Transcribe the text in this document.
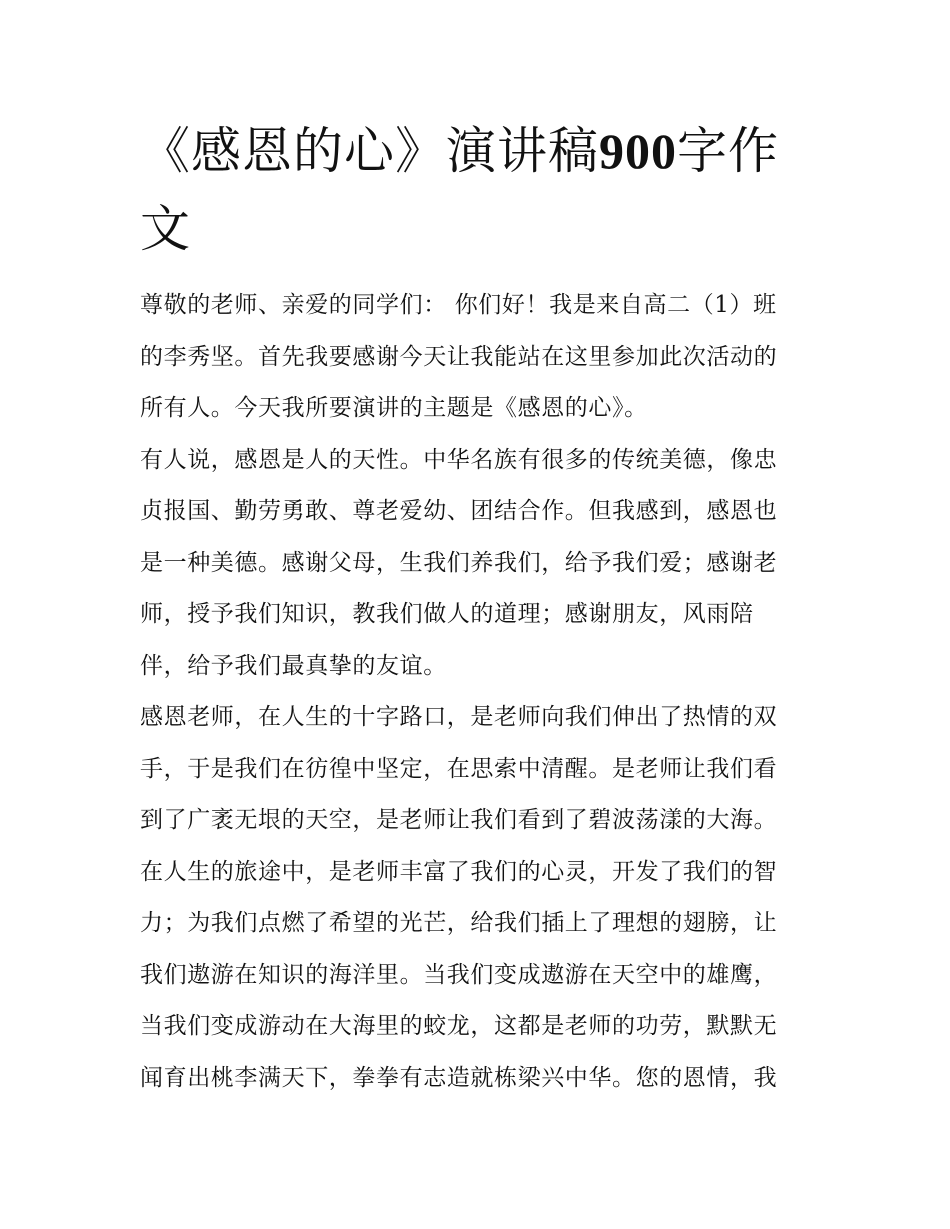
《感恩的心》演讲稿900字作
文

尊敬的老师、亲爱的同学们： 你们好！我是来自高二（1）班
的李秀坚。首先我要感谢今天让我能站在这里参加此次活动的
所有人。今天我所要演讲的主题是《感恩的心》。

有人说，感恩是人的天性。中华名族有很多的传统美德，像忠
贞报国、勤劳勇敢、尊老爱幼、团结合作。但我感到，感恩也
是一种美德。感谢父母，生我们养我们，给予我们爱；感谢老
师，授予我们知识，教我们做人的道理；感谢朋友，风雨陪
伴，给予我们最真挚的友谊。

感恩老师，在人生的十字路口，是老师向我们伸出了热情的双
手，于是我们在彷徨中坚定，在思索中清醒。是老师让我们看
到了广袤无垠的天空，是老师让我们看到了碧波荡漾的大海。
在人生的旅途中，是老师丰富了我们的心灵，开发了我们的智
力；为我们点燃了希望的光芒，给我们插上了理想的翅膀，让
我们遨游在知识的海洋里。当我们变成遨游在天空中的雄鹰，
当我们变成游动在大海里的蛟龙，这都是老师的功劳，默默无
闻育出桃李满天下，拳拳有志造就栋梁兴中华。您的恩情，我
